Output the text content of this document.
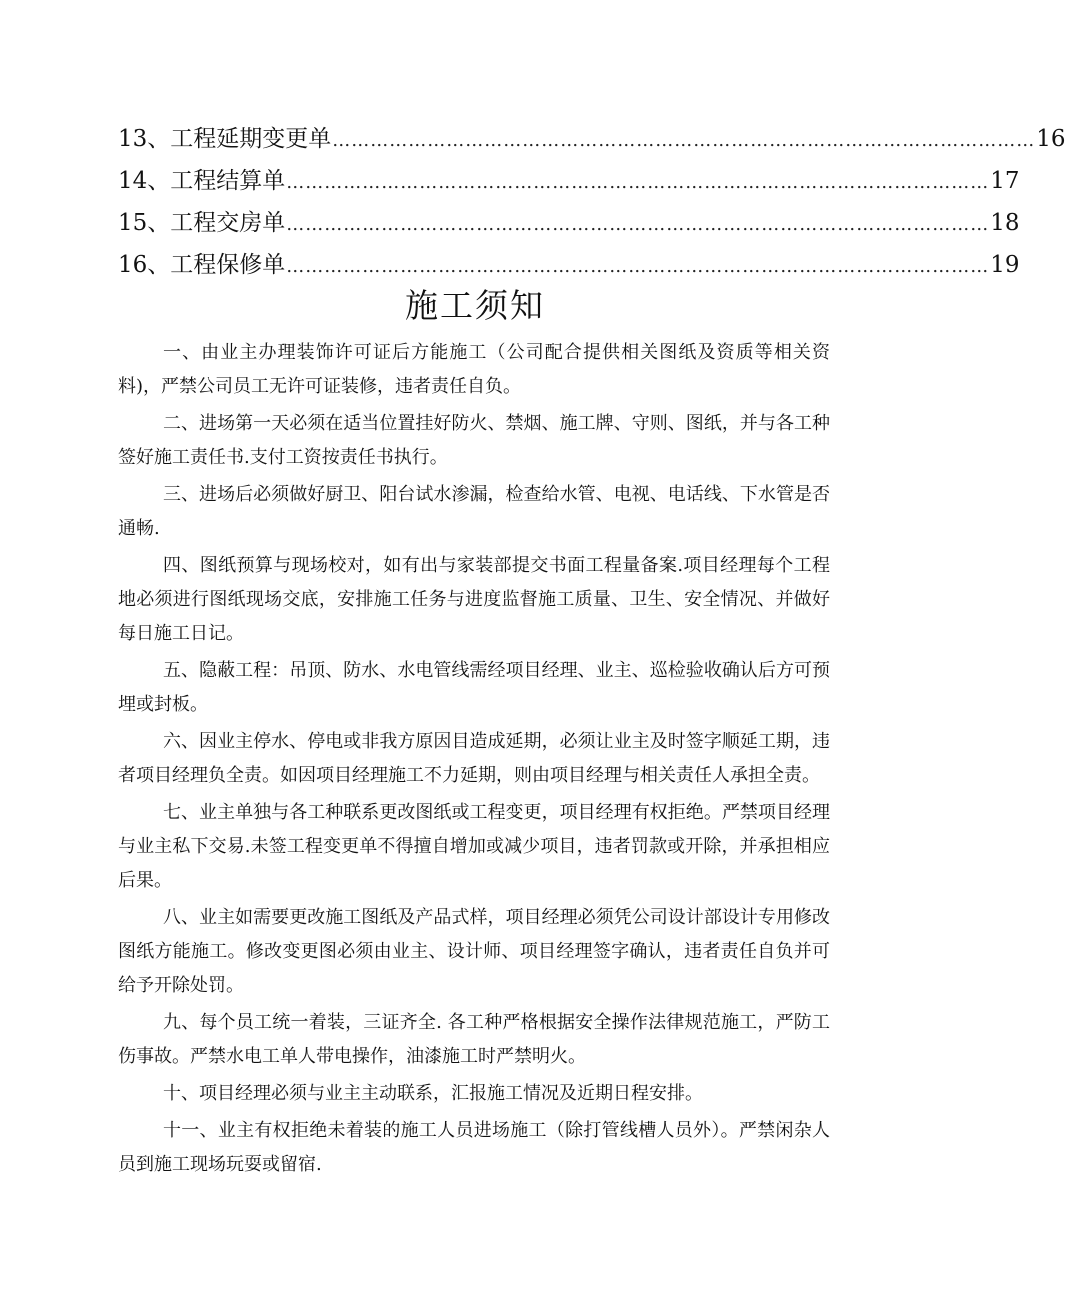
13、工程延期变更单 ………………………………………………………………………………………………… 16
14、工程结算单 ………………………………………………………………………………………………… 17
15、工程交房单 ………………………………………………………………………………………………… 18
16、工程保修单 ………………………………………………………………………………………………… 19
施工须知

一、由业主办理装饰许可证后方能施工（公司配合提供相关图纸及资质等相关资料)，严禁公司员工无许可证装修，违者责任自负。

二、进场第一天必须在适当位置挂好防火、禁烟、施工牌、守则、图纸，并与各工种签好施工责任书.支付工资按责任书执行。

三、进场后必须做好厨卫、阳台试水渗漏，检查给水管、电视、电话线、下水管是否通畅.

四、图纸预算与现场校对，如有出与家装部提交书面工程量备案.项目经理每个工程地必须进行图纸现场交底，安排施工任务与进度监督施工质量、卫生、安全情况、并做好每日施工日记。

五、隐蔽工程：吊顶、防水、水电管线需经项目经理、业主、巡检验收确认后方可预埋或封板。

六、因业主停水、停电或非我方原因目造成延期，必须让业主及时签字顺延工期，违者项目经理负全责。如因项目经理施工不力延期，则由项目经理与相关责任人承担全责。

七、业主单独与各工种联系更改图纸或工程变更，项目经理有权拒绝。严禁项目经理与业主私下交易.未签工程变更单不得擅自增加或减少项目，违者罚款或开除，并承担相应后果。

八、业主如需要更改施工图纸及产品式样，项目经理必须凭公司设计部设计专用修改图纸方能施工。修改变更图必须由业主、设计师、项目经理签字确认，违者责任自负并可给予开除处罚。

九、每个员工统一着装，三证齐全. 各工种严格根据安全操作法律规范施工，严防工伤事故。严禁水电工单人带电操作，油漆施工时严禁明火。

十、项目经理必须与业主主动联系，汇报施工情况及近期日程安排。

十一、业主有权拒绝未着装的施工人员进场施工（除打管线槽人员外）。严禁闲杂人员到施工现场玩耍或留宿.
